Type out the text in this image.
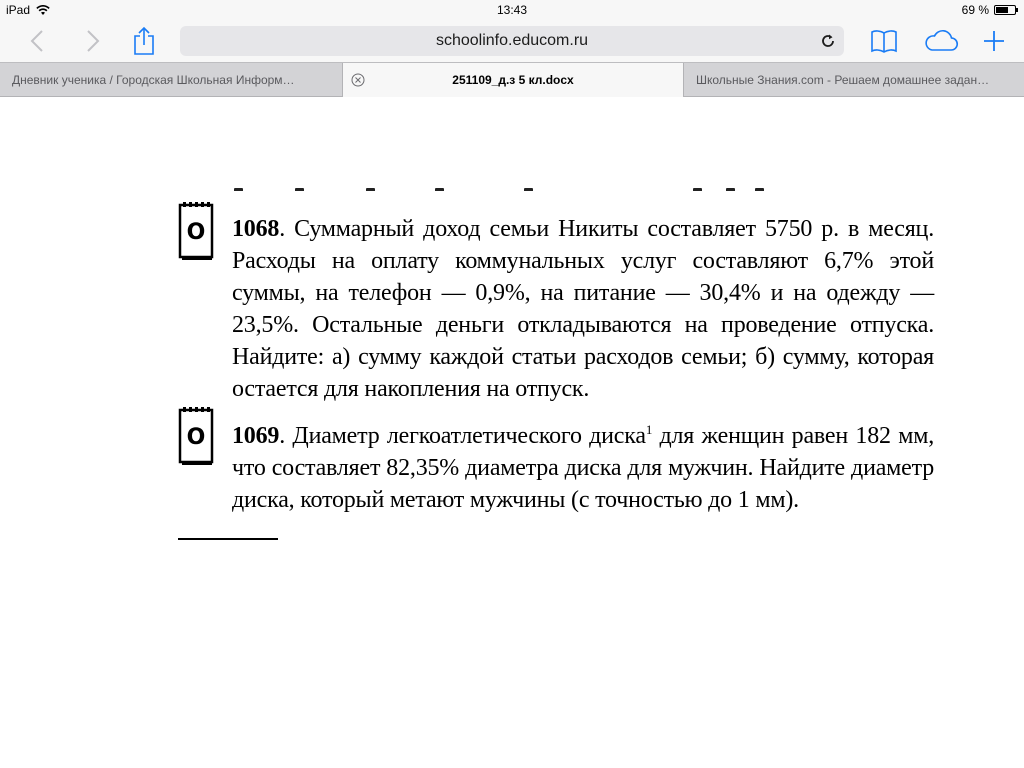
iPad	13:43	69 %
schoolinfo.educom.ru
Дневник ученика / Городская Школьная Информ…	251109_д.з 5 кл.docx	Школьные Знания.com - Решаем домашнее задан…
О 1068. Суммарный доход семьи Никиты составляет 5750 р. в месяц. Расходы на оплату коммунальных услуг составляют 6,7% этой суммы, на телефон — 0,9%, на питание — 30,4% и на одежду — 23,5%. Остальные деньги откладываются на проведение отпуска. Найдите: а) сумму каждой статьи расходов семьи; б) сумму, которая остается для накопления на отпуск.

О 1069. Диаметр легкоатлетического диска$^1$ для женщин равен 182 мм, что составляет 82,35% диаметра диска для мужчин. Найдите диаметр диска, который метают мужчины (с точностью до 1 мм).
